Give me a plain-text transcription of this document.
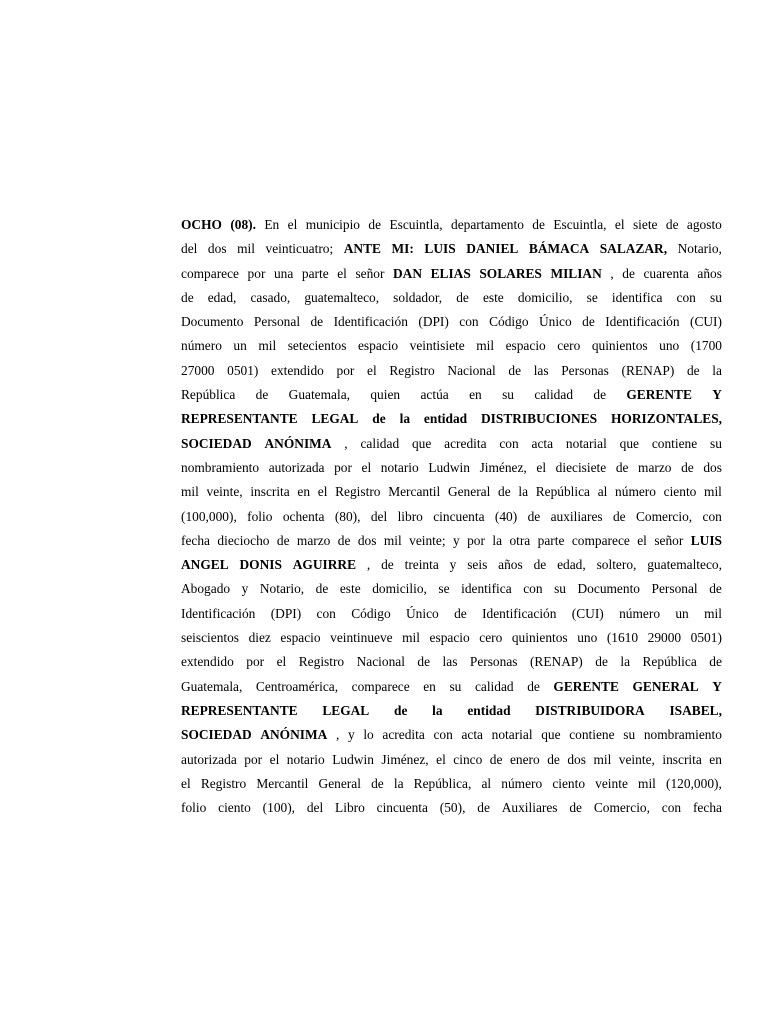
OCHO (08). En el municipio de Escuintla, departamento de Escuintla, el siete de agosto
del dos mil veinticuatro; ANTE MI: LUIS DANIEL BÁMACA SALAZAR, Notario,
comparece por una parte el señor DAN ELIAS SOLARES MILIAN , de cuarenta años
de edad, casado, guatemalteco, soldador, de este domicilio, se identifica con su
Documento Personal de Identificación (DPI) con Código Único de Identificación (CUI)
número un mil setecientos espacio veintisiete mil espacio cero quinientos uno (1700
27000 0501) extendido por el Registro Nacional de las Personas (RENAP) de la
República de Guatemala, quien actúa en su calidad de GERENTE Y
REPRESENTANTE LEGAL de la entidad DISTRIBUCIONES HORIZONTALES,
SOCIEDAD ANÓNIMA , calidad que acredita con acta notarial que contiene su
nombramiento autorizada por el notario Ludwin Jiménez, el diecisiete de marzo de dos
mil veinte, inscrita en el Registro Mercantil General de la República al número ciento mil
(100,000), folio ochenta (80), del libro cincuenta (40) de auxiliares de Comercio, con
fecha dieciocho de marzo de dos mil veinte; y por la otra parte comparece el señor LUIS
ANGEL DONIS AGUIRRE , de treinta y seis años de edad, soltero, guatemalteco,
Abogado y Notario, de este domicilio, se identifica con su Documento Personal de
Identificación (DPI) con Código Único de Identificación (CUI) número un mil
seiscientos diez espacio veintinueve mil espacio cero quinientos uno (1610 29000 0501)
extendido por el Registro Nacional de las Personas (RENAP) de la República de
Guatemala, Centroamérica, comparece en su calidad de GERENTE GENERAL Y
REPRESENTANTE LEGAL de la entidad DISTRIBUIDORA ISABEL,
SOCIEDAD ANÓNIMA , y lo acredita con acta notarial que contiene su nombramiento
autorizada por el notario Ludwin Jiménez, el cinco de enero de dos mil veinte, inscrita en
el Registro Mercantil General de la República, al número ciento veinte mil (120,000),
folio ciento (100), del Libro cincuenta (50), de Auxiliares de Comercio, con fecha
